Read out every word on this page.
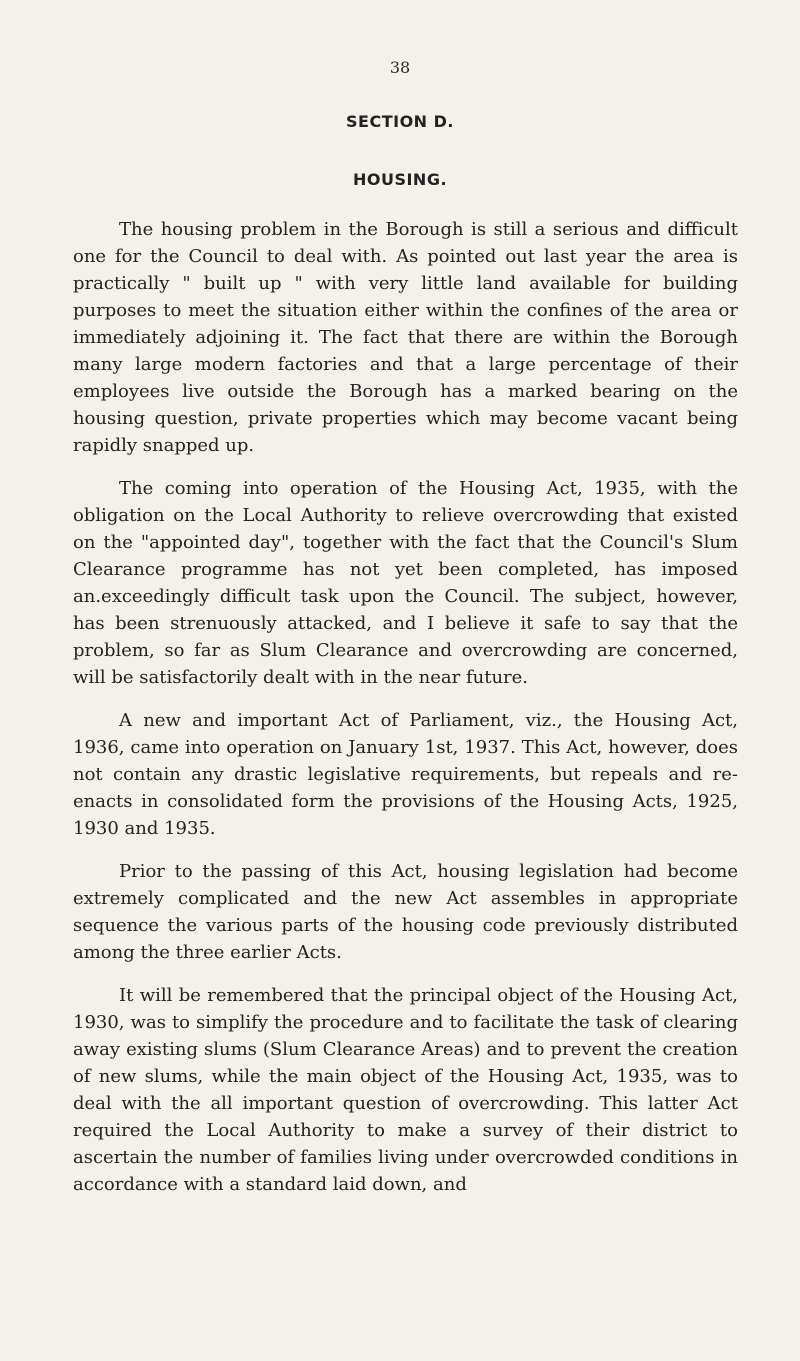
38
SECTION D.
HOUSING.

The housing problem in the Borough is still a serious and difficult one for the Council to deal with. As pointed out last year the area is practically " built up " with very little land available for building purposes to meet the situation either within the confines of the area or immediately adjoining it. The fact that there are within the Borough many large modern factories and that a large percentage of their employees live outside the Borough has a marked bearing on the housing question, private properties which may become vacant being rapidly snapped up.

The coming into operation of the Housing Act, 1935, with the obligation on the Local Authority to relieve overcrowding that existed on the "appointed day", together with the fact that the Council's Slum Clearance programme has not yet been completed, has imposed an.exceedingly difficult task upon the Council. The subject, however, has been strenuously attacked, and I believe it safe to say that the problem, so far as Slum Clearance and overcrowding are concerned, will be satisfactorily dealt with in the near future.

A new and important Act of Parliament, viz., the Housing Act, 1936, came into operation on January 1st, 1937. This Act, however, does not contain any drastic legislative requirements, but repeals and re-enacts in consolidated form the provisions of the Housing Acts, 1925, 1930 and 1935.

Prior to the passing of this Act, housing legislation had become extremely complicated and the new Act assembles in appropriate sequence the various parts of the housing code previously distributed among the three earlier Acts.

It will be remembered that the principal object of the Housing Act, 1930, was to simplify the procedure and to facilitate the task of clearing away existing slums (Slum Clearance Areas) and to prevent the creation of new slums, while the main object of the Housing Act, 1935, was to deal with the all important question of overcrowding. This latter Act required the Local Authority to make a survey of their district to ascertain the number of families living under overcrowded conditions in accordance with a standard laid down, and
